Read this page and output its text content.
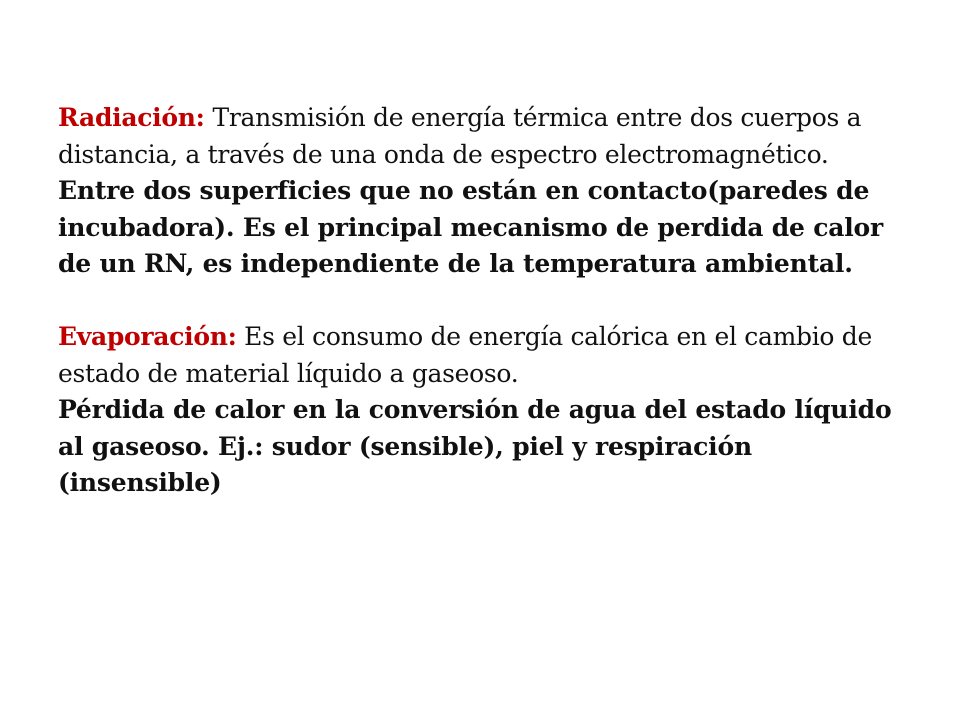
Radiación: Transmisión de energía térmica entre dos cuerpos a distancia, a través de una onda de espectro electromagnético.
Entre dos superficies que no están en contacto(paredes de incubadora). Es el principal mecanismo de perdida de calor de un RN, es independiente de la temperatura ambiental.

Evaporación: Es el consumo de energía calórica en el cambio de estado de material líquido a gaseoso.
Pérdida de calor en la conversión de agua del estado líquido al gaseoso. Ej.: sudor (sensible), piel y respiración (insensible)
